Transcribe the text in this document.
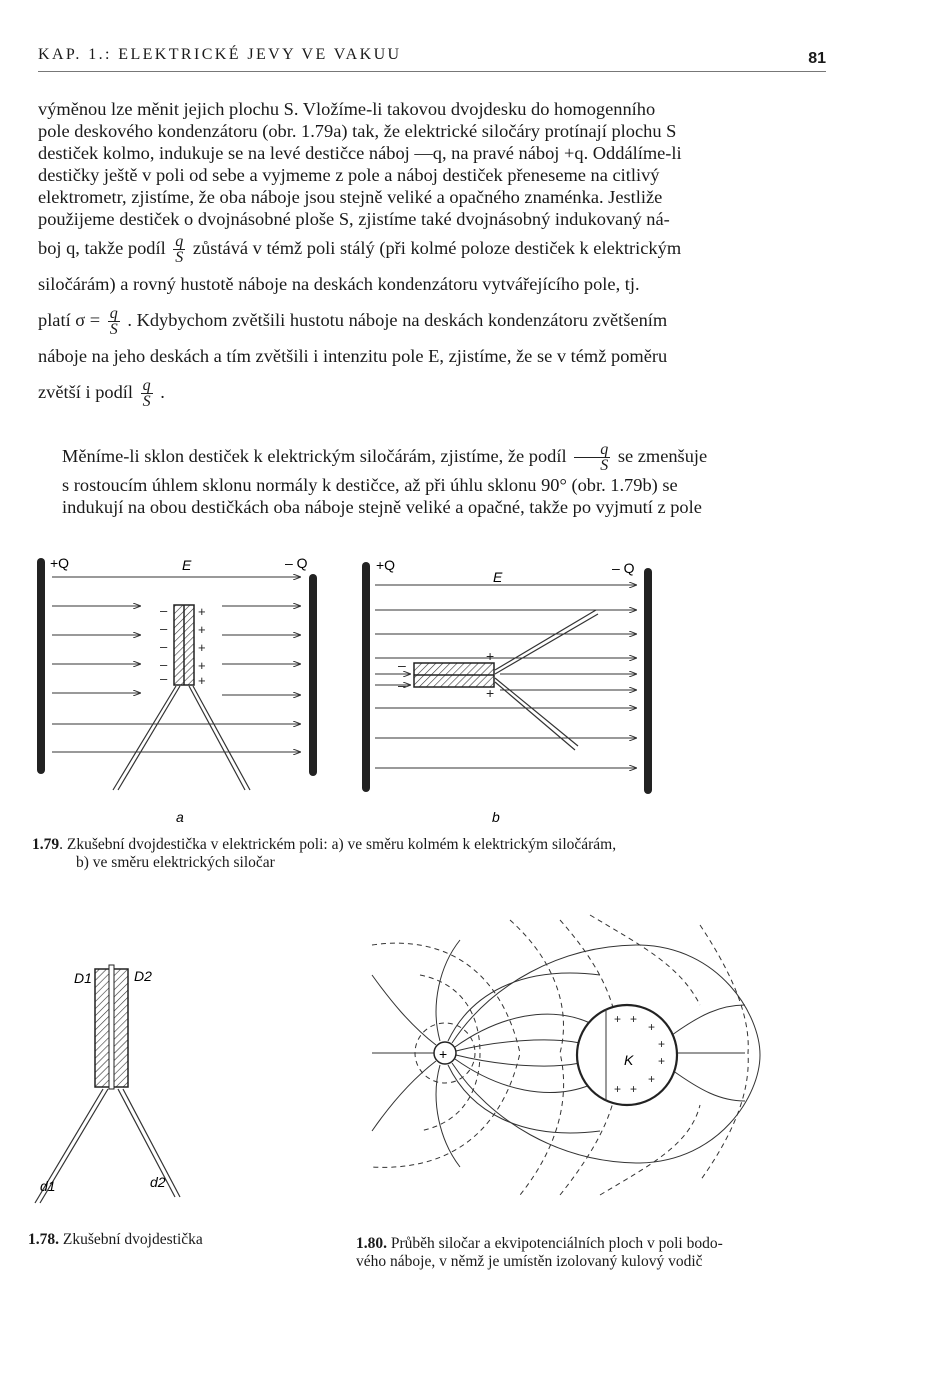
KAP. 1.: ELEKTRICKÉ JEVY VE VAKUU	81
výměnou lze měnit jejich plochu S. Vložíme-li takovou dvojdesku do homogenního
pole deskového kondenzátoru (obr. 1.79a) tak, že elektrické siločáry protínají plochu S
destiček kolmo, indukuje se na levé destičce náboj —q, na pravé náboj +q. Oddálíme-li
destičky ještě v poli od sebe a vyjmeme z pole a náboj destiček přeneseme na citlivý
elektrometr, zjistíme, že oba náboje jsou stejně veliké a opačného znaménka. Jestliže
použijeme destiček o dvojnásobné ploše S, zjistíme také dvojnásobný indukovaný ná-
boj q, takže podíl $\frac{q}{S}$ zůstává v témž poli stálý (při kolmé poloze destiček k elektrickým
siločárám) a rovný hustotě náboje na deskách kondenzátoru vytvářejícího pole, tj.
platí $\sigma = \frac{q}{S}$ . Kdybychom zvětšili hustotu náboje na deskách kondenzátoru zvětšením
náboje na jeho deskách a tím zvětšili i intenzitu pole E, zjistíme, že se v témž poměru
zvětší i podíl $\frac{q}{S}$ .
Měníme-li sklon destiček k elektrickým siločárám, zjistíme, že podíl $\frac{q}{S}$ se zmenšuje
s rostoucím úhlem sklonu normály k destičce, až při úhlu sklonu 90° (obr. 1.79b) se
indukují na obou destičkách oba náboje stejně veliké a opačné, takže po vyjmutí z pole
+Q	– Q
E
–
–
–
–
–
+
+
+
+
+
a
+Q	– Q
E
–
–
+
+
b
1.79. Zkušební dvojdestička v elektrickém poli: a) ve směru kolmém k elektrickým siločárám,
b) ve směru elektrických siločar
D1	D2
d1	d2
1.78. Zkušební dvojdestička
+	K
+ +
+
+
+
+
+
+
1.80. Průběh siločar a ekvipotenciálních ploch v poli bodo-
vého náboje, v němž je umístěn izolovaný kulový vodič
